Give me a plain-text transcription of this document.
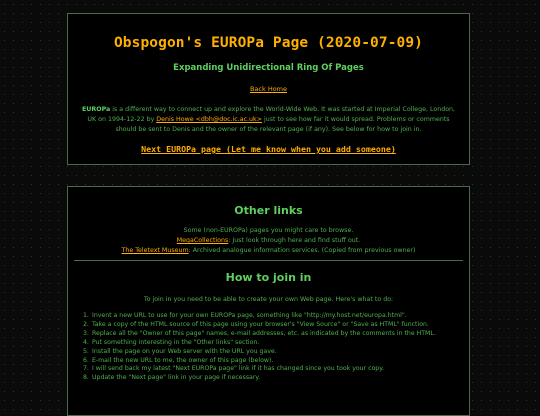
Obspogon's EUROPa Page (2020-07-09)
Expanding Unidirectional Ring Of Pages
Back Home
EUROPa is a different way to connect up and explore the World-Wide Web. It was started at Imperial College, London, UK on 1994-12-22 by Denis Howe <dbh@doc.ic.ac.uk> just to see how far it would spread. Problems or comments should be sent to Denis and the owner of the relevant page (if any). See below for how to join in.
Next EUROPa page (Let me know when you add someone)
Other links
Some (non-EUROPa) pages you might care to browse.
MegaCollections: Just look through here and find stuff out.
The Teletext Museum: Archived analogue information services. (Copied from previous owner)
How to join in
To join in you need to be able to create your own Web page. Here's what to do:
1. Invent a new URL to use for your own EUROPa page, something like "http://my.host.net/europa.html".
2. Take a copy of the HTML source of this page using your browser's "View Source" or "Save as HTML" function.
3. Replace all the "Owner of this page" names, e-mail addresses, etc. as indicated by the comments in the HTML.
4. Put something interesting in the "Other links" section.
5. Install the page on your Web server with the URL you gave.
6. E-mail the new URL to me, the owner of this page (below).
7. I will send back my latest "Next EUROPa page" link if it has changed since you took your copy.
8. Update the "Next page" link in your page if necessary.
